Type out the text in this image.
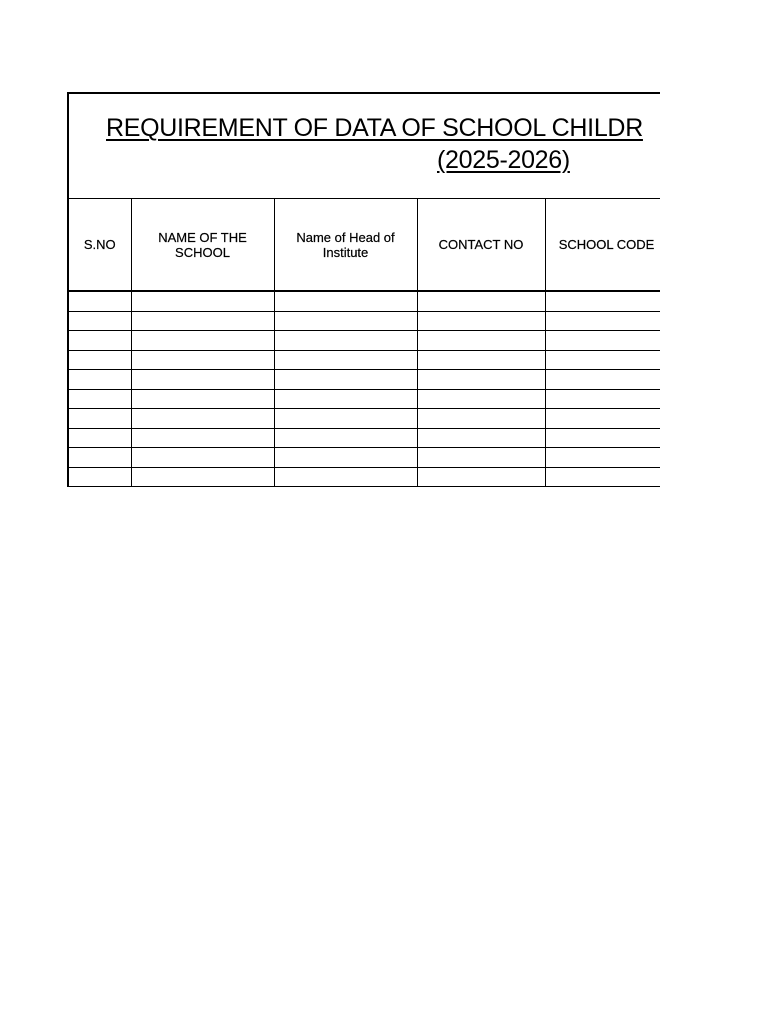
REQUIREMENT OF DATA OF SCHOOL CHILDR
(2025-2026)
S.NO	NAME OF THE SCHOOL	Name of Head of Institute	CONTACT NO	SCHOOL CODE
